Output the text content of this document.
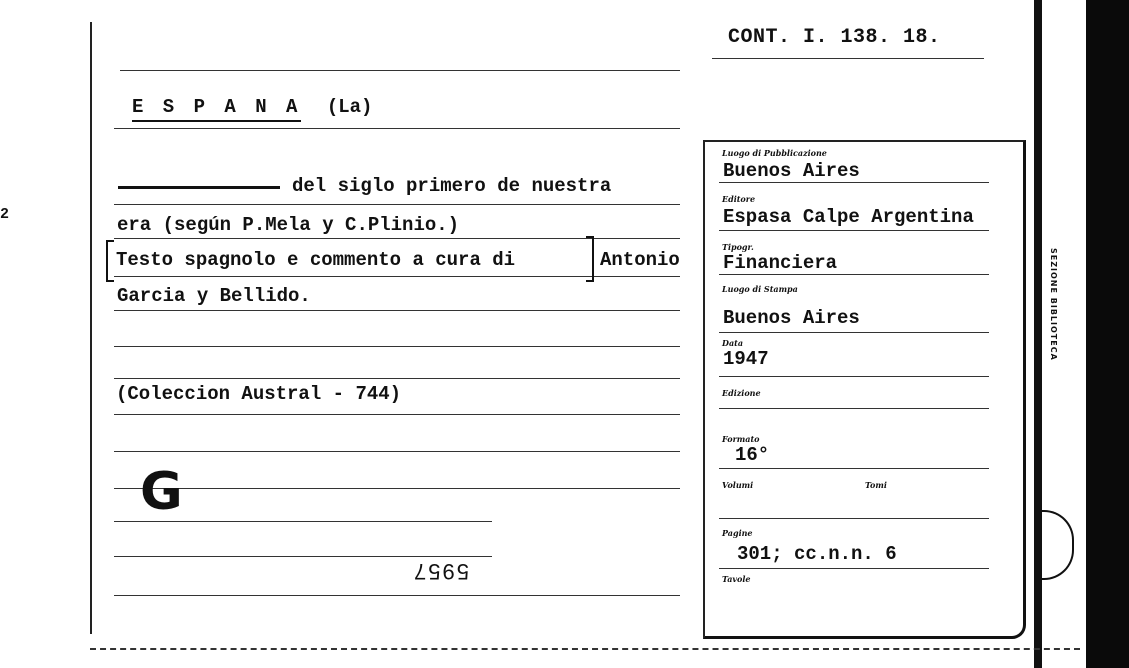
2
CONT. I. 138. 18.
E S P A N A (La)
del siglo primero de nuestra
era (según P.Mela y C.Plinio.)
Testo spagnolo e commento a cura di	Antonio
Garcia y Bellido.
(Coleccion Austral - 744)
G
5957
Luogo di Pubblicazione
Buenos Aires
Editore
Espasa Calpe Argentina
Tipogr.
Financiera
Luogo di Stampa
Buenos Aires
Data
1947
Edizione
Formato
16°
Volumi	Tomi
Pagine
301; cc.n.n. 6
Tavole
SEZIONE BIBLIOTECA
